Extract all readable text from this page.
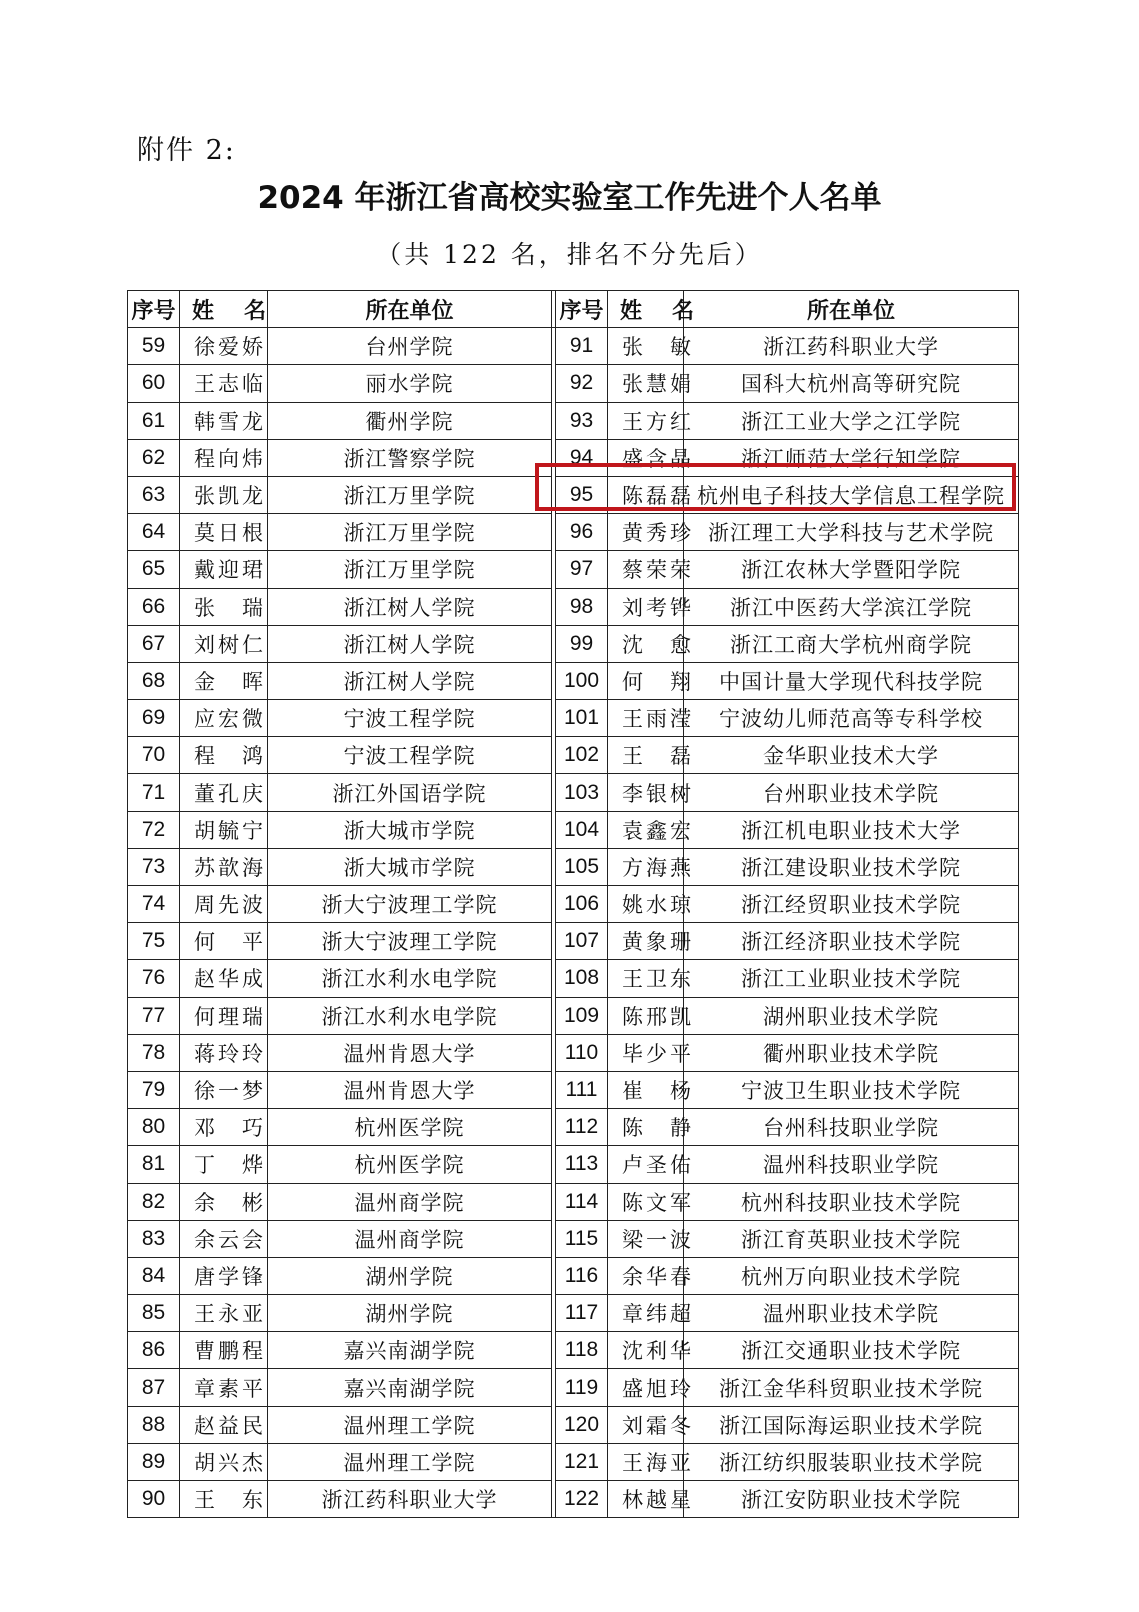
附件 2:
2024 年浙江省高校实验室工作先进个人名单
（共 122 名，排名不分先后）
序号	姓　名	所在单位		序号	姓　名	所在单位
59	徐爱娇	台州学院		91	张　敏	浙江药科职业大学
60	王志临	丽水学院		92	张慧娟	国科大杭州高等研究院
61	韩雪龙	衢州学院		93	王方红	浙江工业大学之江学院
62	程向炜	浙江警察学院		94	盛含晶	浙江师范大学行知学院
63	张凯龙	浙江万里学院		95	陈磊磊	杭州电子科技大学信息工程学院
64	莫日根	浙江万里学院		96	黄秀珍	浙江理工大学科技与艺术学院
65	戴迎珺	浙江万里学院		97	蔡荣荣	浙江农林大学暨阳学院
66	张　瑞	浙江树人学院		98	刘考铧	浙江中医药大学滨江学院
67	刘树仁	浙江树人学院		99	沈　愈	浙江工商大学杭州商学院
68	金　晖	浙江树人学院		100	何　翔	中国计量大学现代科技学院
69	应宏微	宁波工程学院		101	王雨滢	宁波幼儿师范高等专科学校
70	程　鸿	宁波工程学院		102	王　磊	金华职业技术大学
71	董孔庆	浙江外国语学院		103	李银树	台州职业技术学院
72	胡毓宁	浙大城市学院		104	袁鑫宏	浙江机电职业技术大学
73	苏歆海	浙大城市学院		105	方海燕	浙江建设职业技术学院
74	周先波	浙大宁波理工学院		106	姚水琼	浙江经贸职业技术学院
75	何　平	浙大宁波理工学院		107	黄象珊	浙江经济职业技术学院
76	赵华成	浙江水利水电学院		108	王卫东	浙江工业职业技术学院
77	何理瑞	浙江水利水电学院		109	陈邢凯	湖州职业技术学院
78	蒋玲玲	温州肯恩大学		110	毕少平	衢州职业技术学院
79	徐一梦	温州肯恩大学		111	崔　杨	宁波卫生职业技术学院
80	邓　巧	杭州医学院		112	陈　静	台州科技职业学院
81	丁　烨	杭州医学院		113	卢圣佑	温州科技职业学院
82	余　彬	温州商学院		114	陈文军	杭州科技职业技术学院
83	余云会	温州商学院		115	梁一波	浙江育英职业技术学院
84	唐学锋	湖州学院		116	余华春	杭州万向职业技术学院
85	王永亚	湖州学院		117	章纬超	温州职业技术学院
86	曹鹏程	嘉兴南湖学院		118	沈利华	浙江交通职业技术学院
87	章素平	嘉兴南湖学院		119	盛旭玲	浙江金华科贸职业技术学院
88	赵益民	温州理工学院		120	刘霜冬	浙江国际海运职业技术学院
89	胡兴杰	温州理工学院		121	王海亚	浙江纺织服装职业技术学院
90	王　东	浙江药科职业大学		122	林越星	浙江安防职业技术学院
